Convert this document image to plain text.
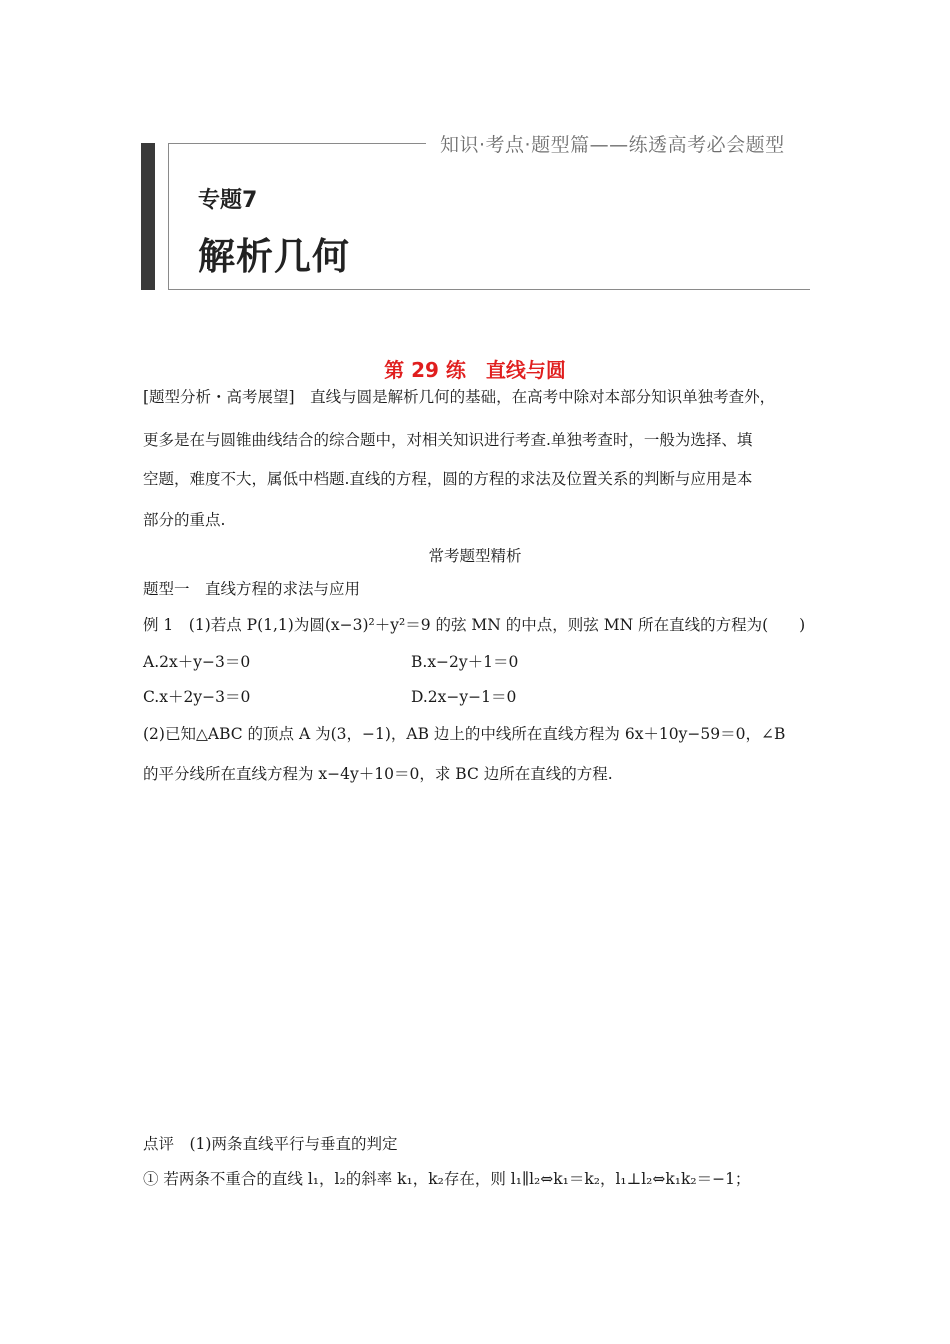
知识·考点·题型篇——练透高考必会题型
专题7
解析几何
第 29 练　直线与圆
[题型分析・高考展望]　直线与圆是解析几何的基础，在高考中除对本部分知识单独考查外，
更多是在与圆锥曲线结合的综合题中，对相关知识进行考查.单独考查时，一般为选择、填
空题，难度不大，属低中档题.直线的方程，圆的方程的求法及位置关系的判断与应用是本
部分的重点.
常考题型精析
题型一　直线方程的求法与应用
例 1　(1)若点 P(1,1)为圆(x−3)²＋y²＝9 的弦 MN 的中点，则弦 MN 所在直线的方程为(　　)
A.2x＋y−3＝0	B.x−2y＋1＝0
C.x＋2y−3＝0	D.2x−y−1＝0
(2)已知△ABC 的顶点 A 为(3，−1)，AB 边上的中线所在直线方程为 6x＋10y−59＝0，∠B
的平分线所在直线方程为 x−4y＋10＝0，求 BC 边所在直线的方程.
点评　(1)两条直线平行与垂直的判定
① 若两条不重合的直线 l₁，l₂的斜率 k₁，k₂存在，则 l₁∥l₂⇔k₁＝k₂，l₁⊥l₂⇔k₁k₂＝−1；
